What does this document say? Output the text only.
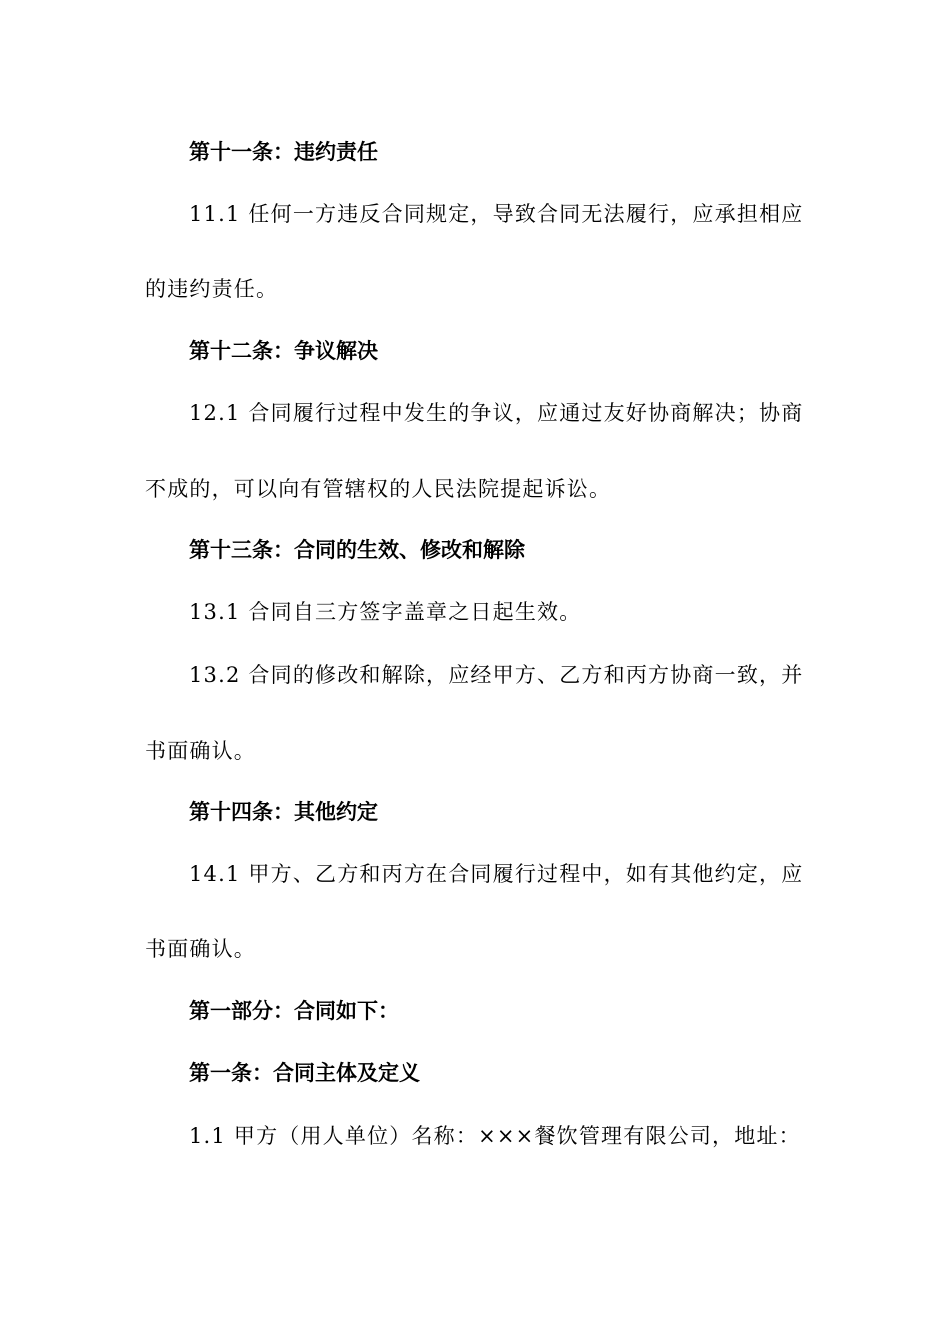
第十一条：违约责任
11.1 任何一方违反合同规定，导致合同无法履行，应承担相应
的违约责任。
第十二条：争议解决
12.1 合同履行过程中发生的争议，应通过友好协商解决；协商
不成的，可以向有管辖权的人民法院提起诉讼。
第十三条：合同的生效、修改和解除
13.1 合同自三方签字盖章之日起生效。
13.2 合同的修改和解除，应经甲方、乙方和丙方协商一致，并
书面确认。
第十四条：其他约定
14.1 甲方、乙方和丙方在合同履行过程中，如有其他约定，应
书面确认。
第一部分：合同如下：
第一条：合同主体及定义
1.1 甲方（用人单位）名称：×××餐饮管理有限公司，地址：
